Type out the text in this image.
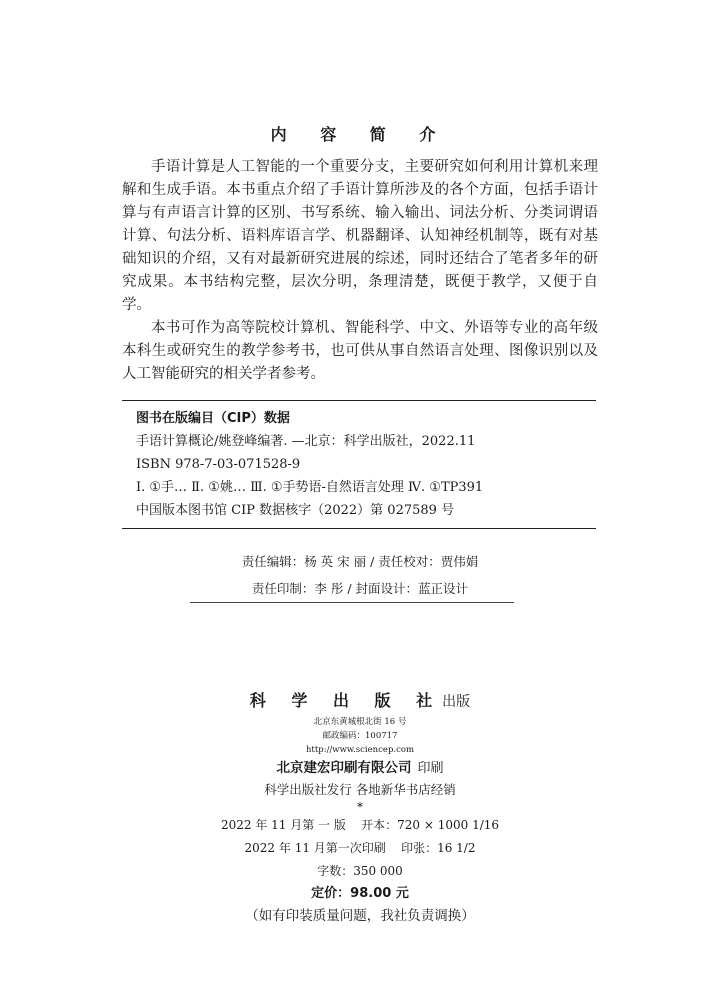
内 容 简 介

手语计算是人工智能的一个重要分支，主要研究如何利用计算机来理解和生成手语。本书重点介绍了手语计算所涉及的各个方面，包括手语计算与有声语言计算的区别、书写系统、输入输出、词法分析、分类词谓语计算、句法分析、语料库语言学、机器翻译、认知神经机制等，既有对基础知识的介绍，又有对最新研究进展的综述，同时还结合了笔者多年的研究成果。本书结构完整，层次分明，条理清楚，既便于教学，又便于自学。

本书可作为高等院校计算机、智能科学、中文、外语等专业的高年级本科生或研究生的教学参考书，也可供从事自然语言处理、图像识别以及人工智能研究的相关学者参考。

图书在版编目（CIP）数据
手语计算概论/姚登峰编著. —北京：科学出版社，2022.11
ISBN 978-7-03-071528-9
Ⅰ. ①手… Ⅱ. ①姚… Ⅲ. ①手势语-自然语言处理 Ⅳ. ①TP391
中国版本图书馆 CIP 数据核字（2022）第 027589 号
责任编辑：杨 英 宋 丽 / 责任校对：贾伟娟
责任印制：李 彤 / 封面设计：蓝正设计
科 学 出 版 社出版
北京东黄城根北街 16 号
邮政编码：100717
http://www.sciencep.com
北京建宏印刷有限公司 印刷
科学出版社发行 各地新华书店经销
*
2022 年 11 月第 一 版 开本：720 × 1000 1/16
2022 年 11 月第一次印刷 印张：16 1/2
字数：350 000
定价：98.00 元
（如有印装质量问题，我社负责调换）
